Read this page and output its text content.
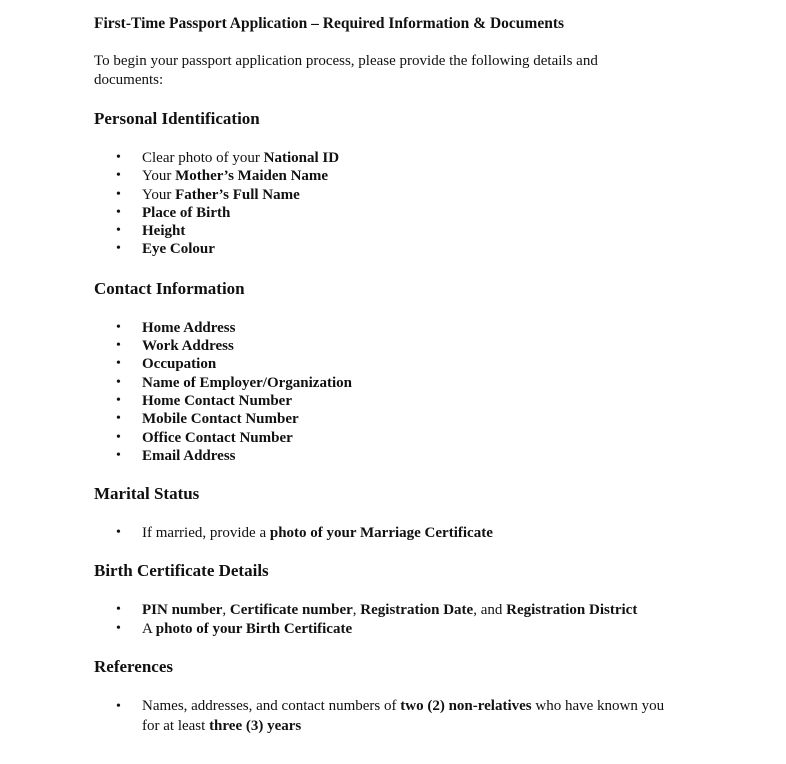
First-Time Passport Application – Required Information & Documents

To begin your passport application process, please provide the following details and documents:

Personal Identification

• Clear photo of your National ID
• Your Mother’s Maiden Name
• Your Father’s Full Name
• Place of Birth
• Height
• Eye Colour

Contact Information

• Home Address
• Work Address
• Occupation
• Name of Employer/Organization
• Home Contact Number
• Mobile Contact Number
• Office Contact Number
• Email Address

Marital Status

• If married, provide a photo of your Marriage Certificate

Birth Certificate Details

• PIN number, Certificate number, Registration Date, and Registration District
• A photo of your Birth Certificate

References

• Names, addresses, and contact numbers of two (2) non-relatives who have known you for at least three (3) years
